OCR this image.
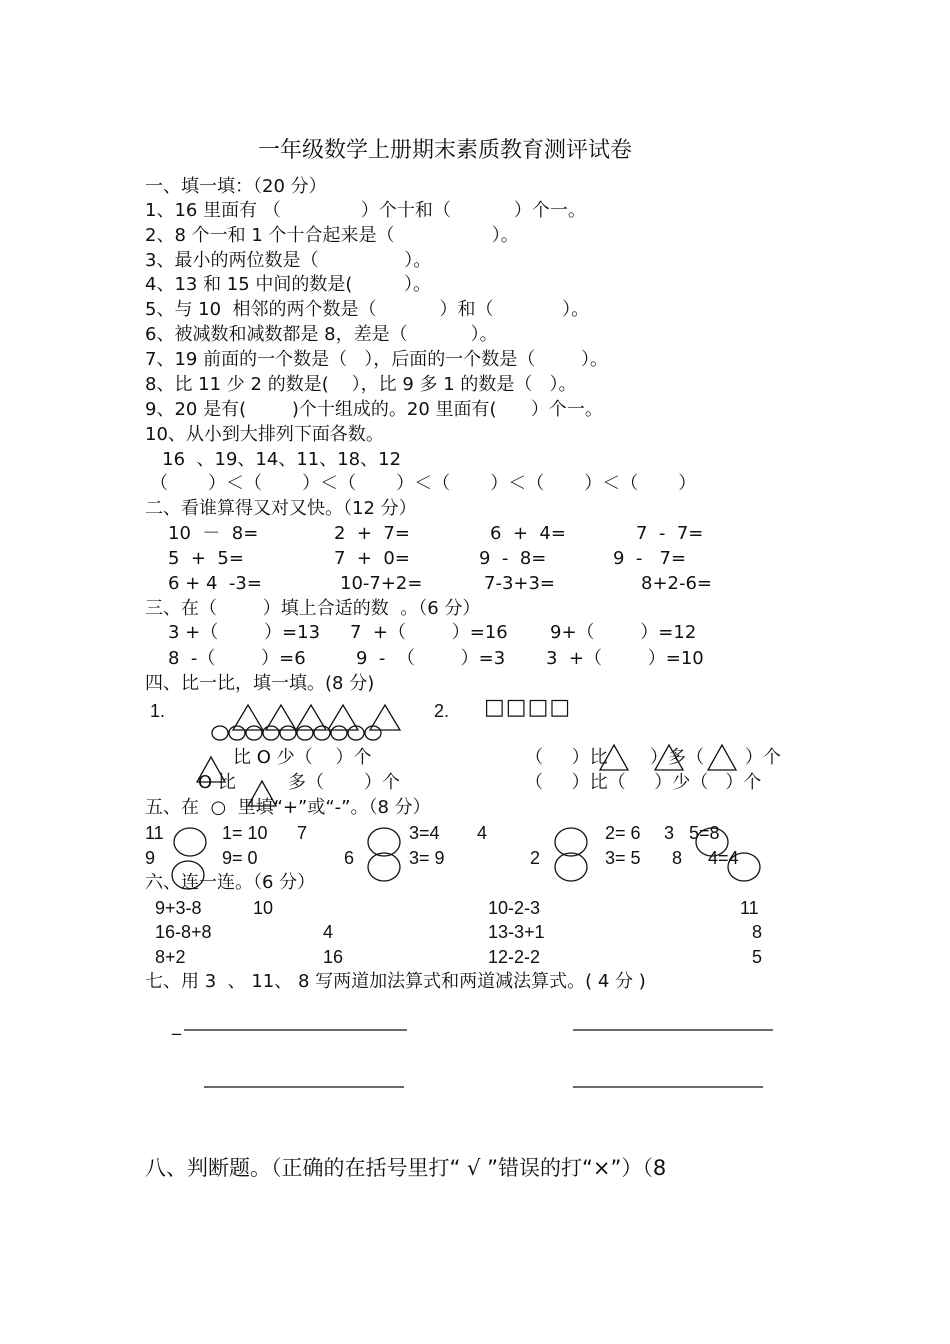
一年级数学上册期末素质教育测评试卷
一、填一填：（20 分）
1、16 里面有 （              ）个十和（           ）个一。
2、8 个一和 1 个十合起来是（                 ）。
3、最小的两位数是（               ）。
4、13 和 15 中间的数是(         ）。
5、与 10  相邻的两个数是（           ）和（            ）。
6、被减数和减数都是 8，差是（           ）。
7、19 前面的一个数是（   ），后面的一个数是（        ）。
8、比 11 少 2 的数是(    ），比 9 多 1 的数是（   ）。
9、20 是有(        )个十组成的。20 里面有(      ）个一。
10、从小到大排列下面各数。
16  、19、14、11、18、12
（       ）＜（       ）＜（       ）＜（       ）＜（       ）＜（       ）
二、看谁算得又对又快。（12 分）
10  －  8=	2  +  7=	6  +  4=	7  -  7=
5  +  5=	7  +  0=	9  -  8=	9  -   7=
6 + 4  -3=	10-7+2=	7-3+3=	8+2-6=
三、在（        ）填上合适的数  。（6 分）
3 +（        ）=13 7  +（        ）=16 9+（        ）=12
8  -（        ）=6	9  -  （        ）=3 3  +（        ）=10
四、比一比，填一填。(8 分)
1.	2. □□□□
比 O 少（    ）个
O 比	多（       ）个
（     ）比 ）多（ ）个
（     ）比（     ）少（   ）个
五、在  ○  里填“+”或“-”。（8 分）
11	1= 10 7	3=4 4	2= 6 3   5=8
9	9= 0	6	3= 9	2	3= 5 8 4=4
六、连一连。（6 分）
9+3-8	10	10-2-3	11
16-8+8	4	13-3+1	8
8+2	16	12-2-2	5
七、用 3  、 11、 8 写两道加法算式和两道减法算式。( 4 分 )
_
八、判断题。（正确的在括号里打“ √ ”错误的打“×”）（8
